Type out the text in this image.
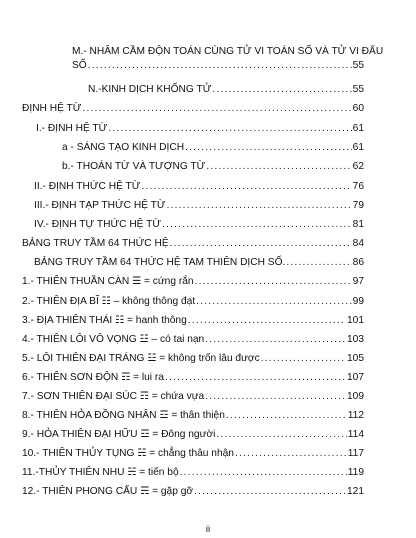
M.- NHÂM CẦM ĐỘN TOÁN CÙNG TỬ VI TOÁN SỐ VÀ TỬ VI ĐẨU
SỐ .....	55
N.-KINH DỊCH KHỐNG TỬ .....	55
ĐỊNH HỆ TỪ .....	60
I.- ĐỊNH HỆ TỪ .....	61
a - SÁNG TẠO KINH DỊCH .....	61
b.- THOÁN TỪ VÀ TƯỢNG TỪ .....	62
II.- ĐỊNH THỨC HỆ TỪ .....	76
III.- ĐỊNH TẠP THỨC HỆ TỪ .....	79
IV.- ĐỊNH TỰ THỨC HỆ TỪ .....	81
BẢNG TRUY TẦM 64 THỨC HỆ .....	84
BẢNG TRUY TẦM 64 THỨC HỆ TAM THIÊN DỊCH SỐ. .....	86
1.- THIÊN THUẦN CÀN ☰ = cứng rắn .....	97
2.- THIÊN ĐỊA BĨ ☷ – không thông đạt .....	99
3.- ĐỊA THIÊN THÁI ☷ = hanh thông .....	101
4.- THIÊN LÔI VÔ VỌNG ☳ – có tai nạn .....	103
5.- LÔI THIÊN ĐẠI TRÁNG ☳ = không trốn lâu được .....	105
6.- THIÊN SƠN ĐỘN ☶ = lui ra .....	107
7.- SƠN THIÊN ĐẠI SÚC ☶ = chứa vựa .....	109
8.- THIÊN HỎA ĐỒNG NHÂN ☲ = thân thiện .....	112
9.- HỎA THIÊN ĐẠI HỮU ☲ = Đông người .....	114
10.- THIÊN THỦY TỤNG ☵ = chẳng thâu nhận .....	117
11.-THỦY THIÊN NHU ☵ = tiến bộ .....	119
12.- THIÊN PHONG CẤU ☴ = gặp gỡ .....	121
ii
